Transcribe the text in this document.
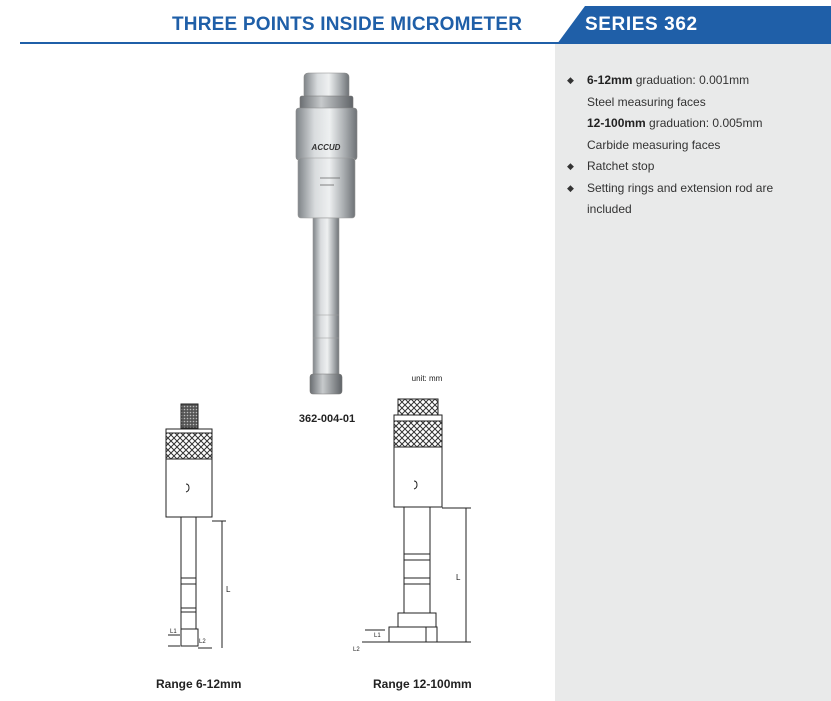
THREE POINTS INSIDE MICROMETER	SERIES 362
◆ 6-12mm graduation: 0.001mm
Steel measuring faces
12-100mm graduation: 0.005mm
Carbide measuring faces
◆ Ratchet stop
◆ Setting rings and extension rod are
included
ACCUD
362-004-01
L
L1
L2
unit: mm
L
L1
L2
Range 6-12mm	Range 12-100mm
